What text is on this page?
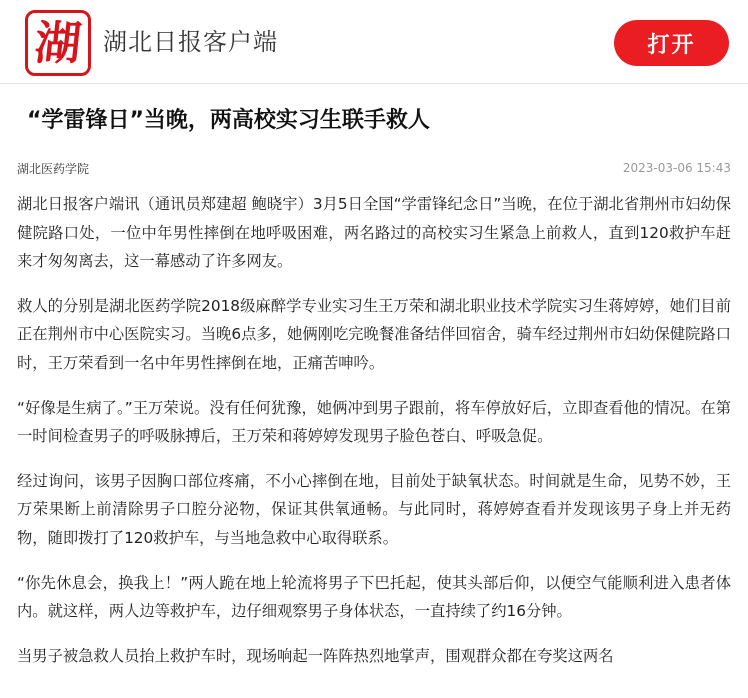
湖 湖北日报客户端	打开
“学雷锋日”当晚，两高校实习生联手救人
湖北医药学院	2023-03-06 15:43

湖北日报客户端讯（通讯员郑建超 鲍晓宇）3月5日全国“学雷锋纪念日”当晚，在位于湖北省荆州市妇幼保健院路口处，一位中年男性摔倒在地呼吸困难，两名路过的高校实习生紧急上前救人，直到120救护车赶来才匆匆离去，这一幕感动了许多网友。

救人的分别是湖北医药学院2018级麻醉学专业实习生王万荣和湖北职业技术学院实习生蒋婷婷，她们目前正在荆州市中心医院实习。当晚6点多，她俩刚吃完晚餐准备结伴回宿舍，骑车经过荆州市妇幼保健院路口时，王万荣看到一名中年男性摔倒在地，正痛苦呻吟。

“好像是生病了。”王万荣说。没有任何犹豫，她俩冲到男子跟前，将车停放好后，立即查看他的情况。在第一时间检查男子的呼吸脉搏后，王万荣和蒋婷婷发现男子脸色苍白、呼吸急促。

经过询问，该男子因胸口部位疼痛，不小心摔倒在地，目前处于缺氧状态。时间就是生命，见势不妙，王万荣果断上前清除男子口腔分泌物，保证其供氧通畅。与此同时，蒋婷婷查看并发现该男子身上并无药物，随即拨打了120救护车，与当地急救中心取得联系。

“你先休息会，换我上！”两人跪在地上轮流将男子下巴托起，使其头部后仰，以便空气能顺利进入患者体内。就这样，两人边等救护车，边仔细观察男子身体状态，一直持续了约16分钟。

当男子被急救人员抬上救护车时，现场响起一阵阵热烈地掌声，围观群众都在夸奖这两名
